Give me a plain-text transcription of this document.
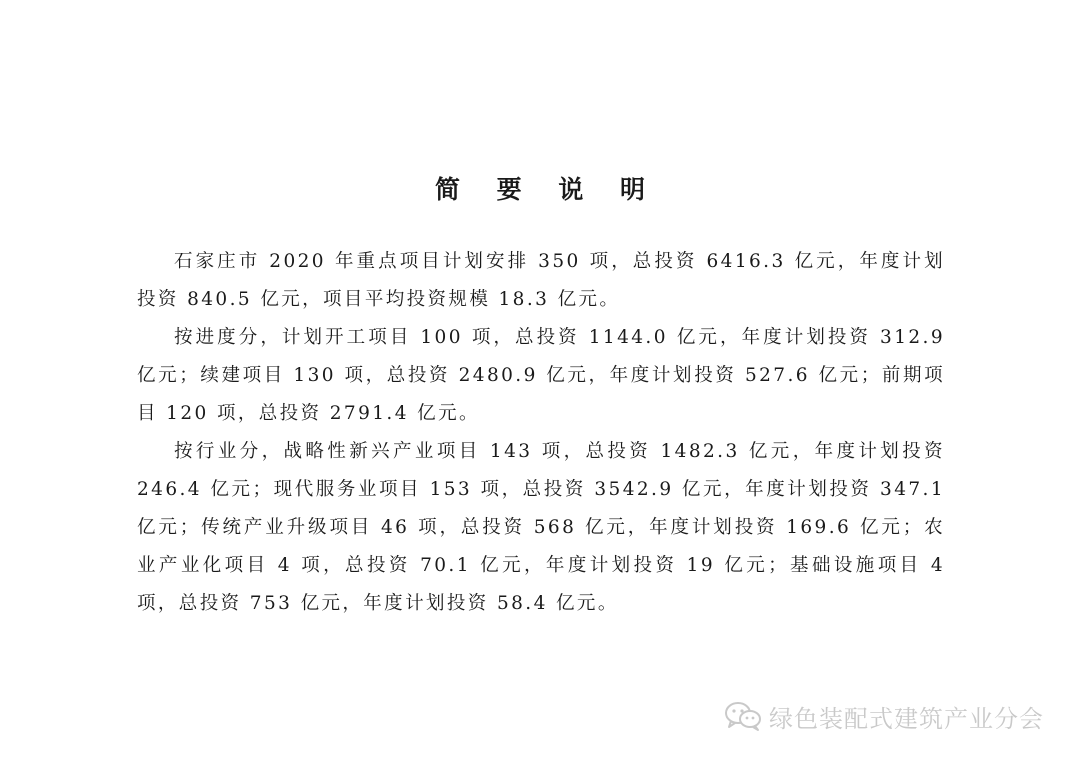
简 要 说 明

石家庄市 2020 年重点项目计划安排 350 项，总投资 6416.3 亿元，年度计划投资 840.5 亿元，项目平均投资规模 18.3 亿元。

按进度分，计划开工项目 100 项，总投资 1144.0 亿元，年度计划投资 312.9 亿元；续建项目 130 项，总投资 2480.9 亿元，年度计划投资 527.6 亿元；前期项目 120 项，总投资 2791.4 亿元。

按行业分，战略性新兴产业项目 143 项，总投资 1482.3 亿元，年度计划投资 246.4 亿元；现代服务业项目 153 项，总投资 3542.9 亿元，年度计划投资 347.1 亿元；传统产业升级项目 46 项，总投资 568 亿元，年度计划投资 169.6 亿元；农业产业化项目 4 项，总投资 70.1 亿元，年度计划投资 19 亿元；基础设施项目 4 项，总投资 753 亿元，年度计划投资 58.4 亿元。

绿色装配式建筑产业分会
